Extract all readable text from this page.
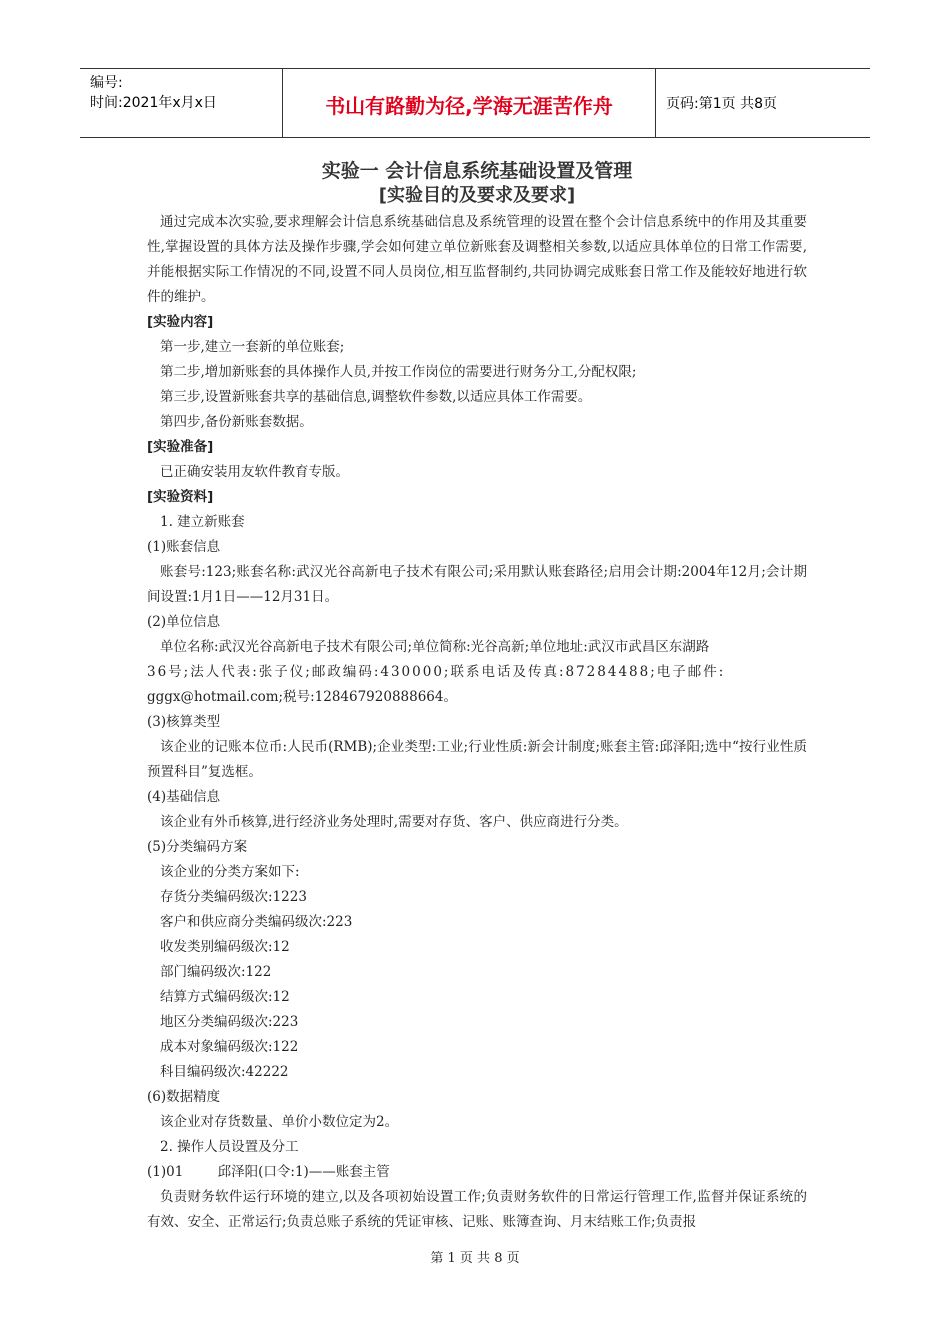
编号:
时间:2021年x月x日	书山有路勤为径,学海无涯苦作舟	页码:第1页 共8页
实验一 会计信息系统基础设置及管理
[实验目的及要求及要求]

通过完成本次实验,要求理解会计信息系统基础信息及系统管理的设置在整个会计信息系统中的作用及其重要性,掌握设置的具体方法及操作步骤,学会如何建立单位新账套及调整相关参数,以适应具体单位的日常工作需要,并能根据实际工作情况的不同,设置不同人员岗位,相互监督制约,共同协调完成账套日常工作及能较好地进行软件的维护。

[实验内容]

第一步,建立一套新的单位账套;

第二步,增加新账套的具体操作人员,并按工作岗位的需要进行财务分工,分配权限;

第三步,设置新账套共享的基础信息,调整软件参数,以适应具体工作需要。

第四步,备份新账套数据。

[实验准备]

已正确安装用友软件教育专版。

[实验资料]

1. 建立新账套

(1)账套信息

账套号:123;账套名称:武汉光谷高新电子技术有限公司;采用默认账套路径;启用会计期:2004年12月;会计期间设置:1月1日——12月31日。

(2)单位信息

单位名称:武汉光谷高新电子技术有限公司;单位简称:光谷高新;单位地址:武汉市武昌区东湖路

36号;法人代表:张子仪;邮政编码:430000;联系电话及传真:87284488;电子邮件:

gggx@hotmail.com;税号:128467920888664。

(3)核算类型

该企业的记账本位币:人民币(RMB);企业类型:工业;行业性质:新会计制度;账套主管:邱泽阳;选中“按行业性质预置科目”复选框。

(4)基础信息

该企业有外币核算,进行经济业务处理时,需要对存货、客户、供应商进行分类。

(5)分类编码方案

该企业的分类方案如下:

存货分类编码级次:1223

客户和供应商分类编码级次:223

收发类别编码级次:12

部门编码级次:122

结算方式编码级次:12

地区分类编码级次:223

成本对象编码级次:122

科目编码级次:42222

(6)数据精度

该企业对存货数量、单价小数位定为2。

2. 操作人员设置及分工

(1)01        邱泽阳(口令:1)——账套主管

负责财务软件运行环境的建立,以及各项初始设置工作;负责财务软件的日常运行管理工作,监督并保证系统的有效、安全、正常运行;负责总账子系统的凭证审核、记账、账簿查询、月末结账工作;负责报

第 1 页 共 8 页
